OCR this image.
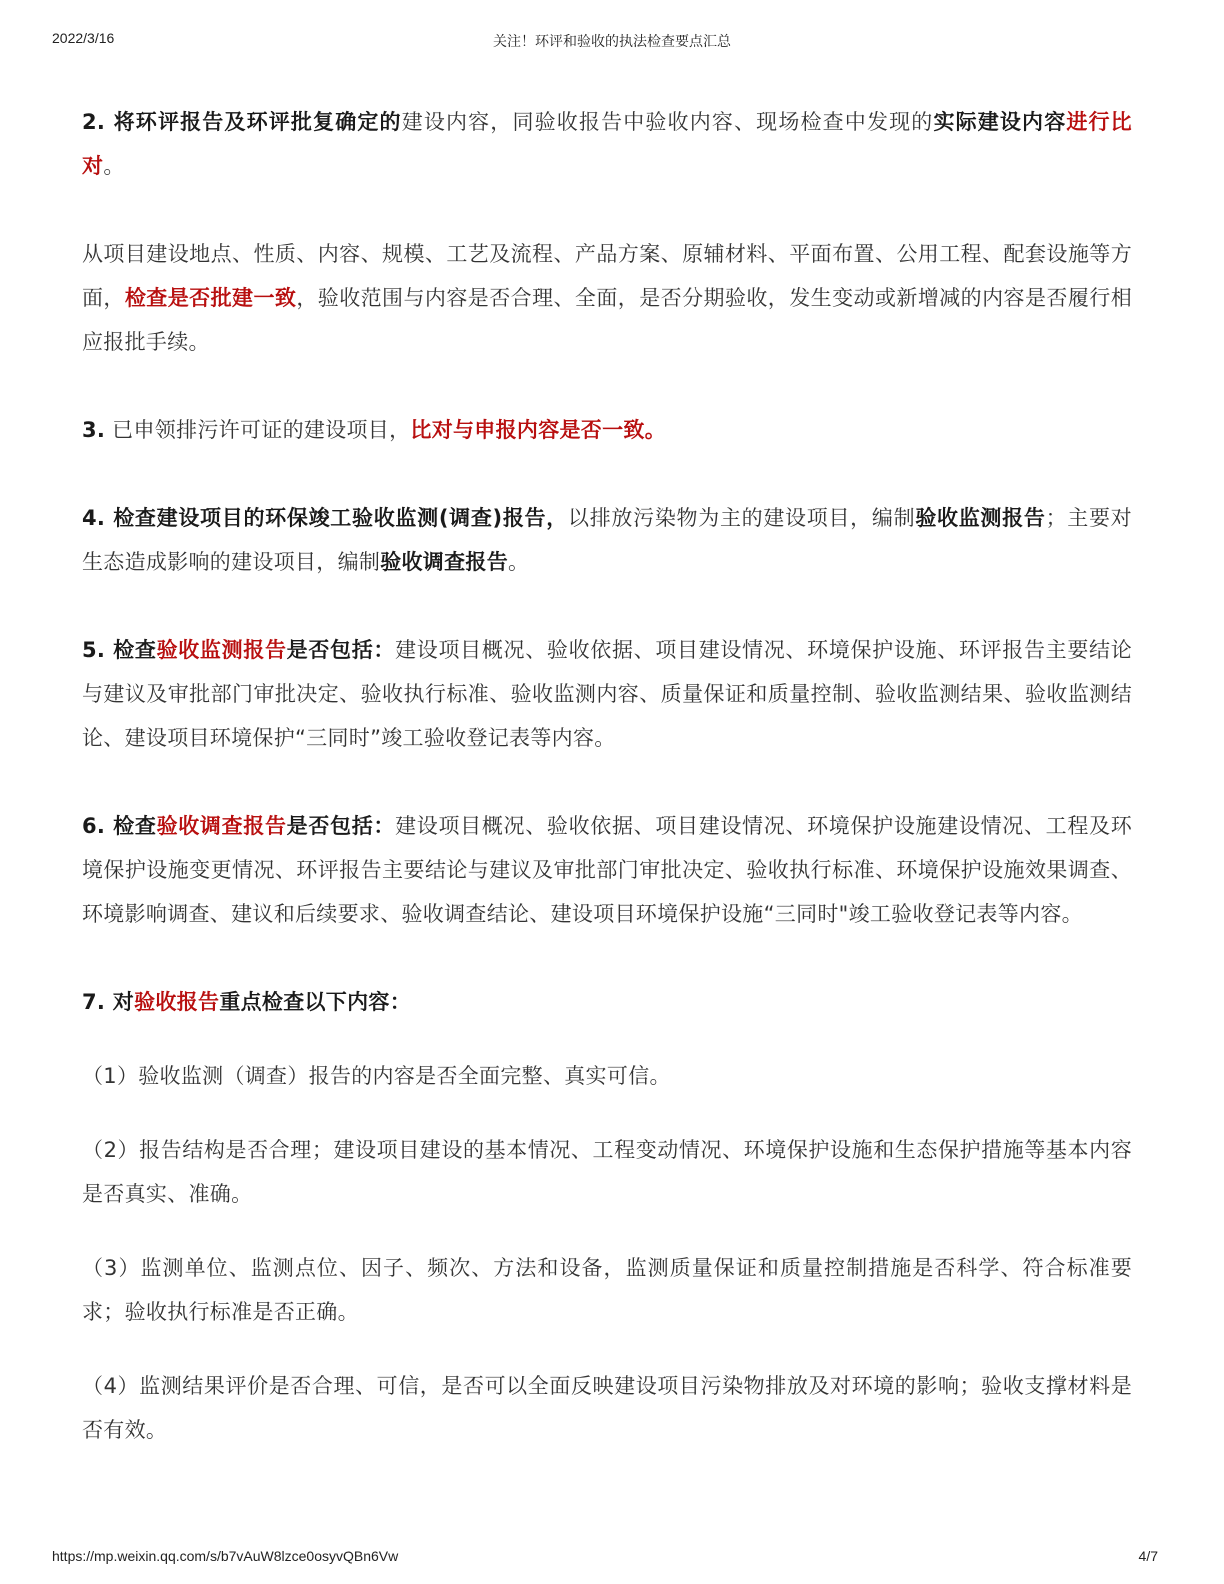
2022/3/16	关注！环评和验收的执法检查要点汇总

2. 将环评报告及环评批复确定的建设内容，同验收报告中验收内容、现场检查中发现的实际建设内容进行比对。

从项目建设地点、性质、内容、规模、工艺及流程、产品方案、原辅材料、平面布置、公用工程、配套设施等方面，检查是否批建一致，验收范围与内容是否合理、全面，是否分期验收，发生变动或新增减的内容是否履行相应报批手续。

3. 已申领排污许可证的建设项目，比对与申报内容是否一致。

4. 检查建设项目的环保竣工验收监测(调查)报告，以排放污染物为主的建设项目，编制验收监测报告；主要对生态造成影响的建设项目，编制验收调查报告。

5. 检查验收监测报告是否包括：建设项目概况、验收依据、项目建设情况、环境保护设施、环评报告主要结论与建议及审批部门审批决定、验收执行标准、验收监测内容、质量保证和质量控制、验收监测结果、验收监测结论、建设项目环境保护“三同时”竣工验收登记表等内容。

6. 检查验收调查报告是否包括：建设项目概况、验收依据、项目建设情况、环境保护设施建设情况、工程及环境保护设施变更情况、环评报告主要结论与建议及审批部门审批决定、验收执行标准、环境保护设施效果调查、环境影响调查、建议和后续要求、验收调查结论、建设项目环境保护设施“三同时"竣工验收登记表等内容。

7. 对验收报告重点检查以下内容：

（1）验收监测（调查）报告的内容是否全面完整、真实可信。

（2）报告结构是否合理；建设项目建设的基本情况、工程变动情况、环境保护设施和生态保护措施等基本内容是否真实、准确。

（3）监测单位、监测点位、因子、频次、方法和设备，监测质量保证和质量控制措施是否科学、符合标准要求；验收执行标准是否正确。

（4）监测结果评价是否合理、可信，是否可以全面反映建设项目污染物排放及对环境的影响；验收支撑材料是否有效。

https://mp.weixin.qq.com/s/b7vAuW8lzce0osyvQBn6Vw	4/7
